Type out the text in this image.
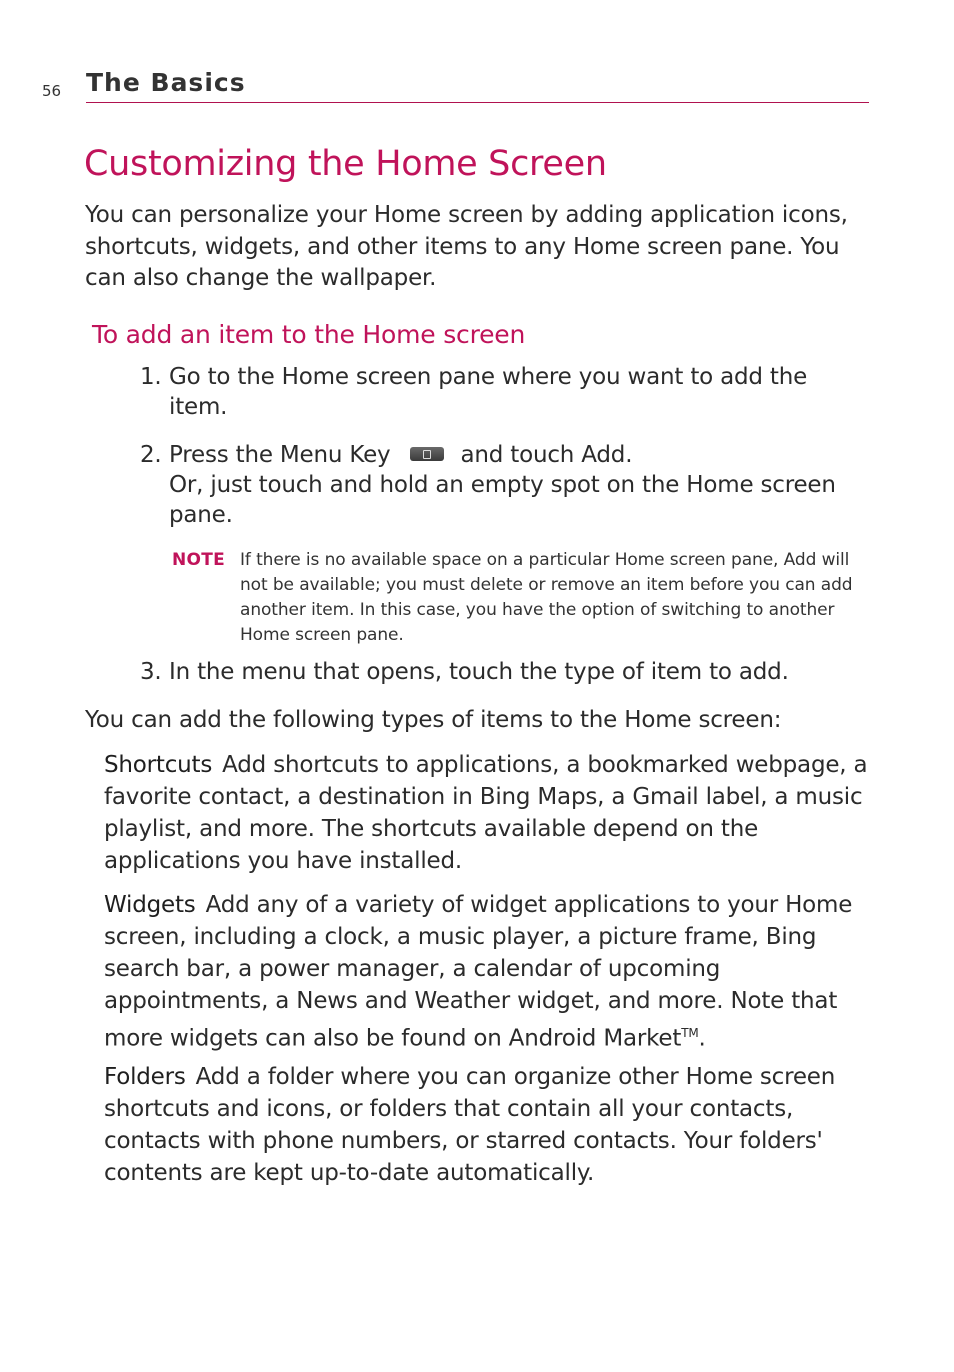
56 The Basics
Customizing the Home Screen

You can personalize your Home screen by adding application icons, shortcuts, widgets, and other items to any Home screen pane. You can also change the wallpaper.

To add an item to the Home screen
1. Go to the Home screen pane where you want to add the item.
2. Press the Menu Key	and touch Add.
Or, just touch and hold an empty spot on the Home screen pane.
NOTE If there is no available space on a particular Home screen pane, Add will not be available; you must delete or remove an item before you can add another item. In this case, you have the option of switching to another Home screen pane.
3. In the menu that opens, touch the type of item to add.

You can add the following types of items to the Home screen:

Shortcuts Add shortcuts to applications, a bookmarked webpage, a favorite contact, a destination in Bing Maps, a Gmail label, a music playlist, and more. The shortcuts available depend on the applications you have installed.

Widgets Add any of a variety of widget applications to your Home screen, including a clock, a music player, a picture frame, Bing search bar, a power manager, a calendar of upcoming appointments, a News and Weather widget, and more. Note that more widgets can also be found on Android Market™.

Folders Add a folder where you can organize other Home screen shortcuts and icons, or folders that contain all your contacts, contacts with phone numbers, or starred contacts. Your folders' contents are kept up-to-date automatically.
